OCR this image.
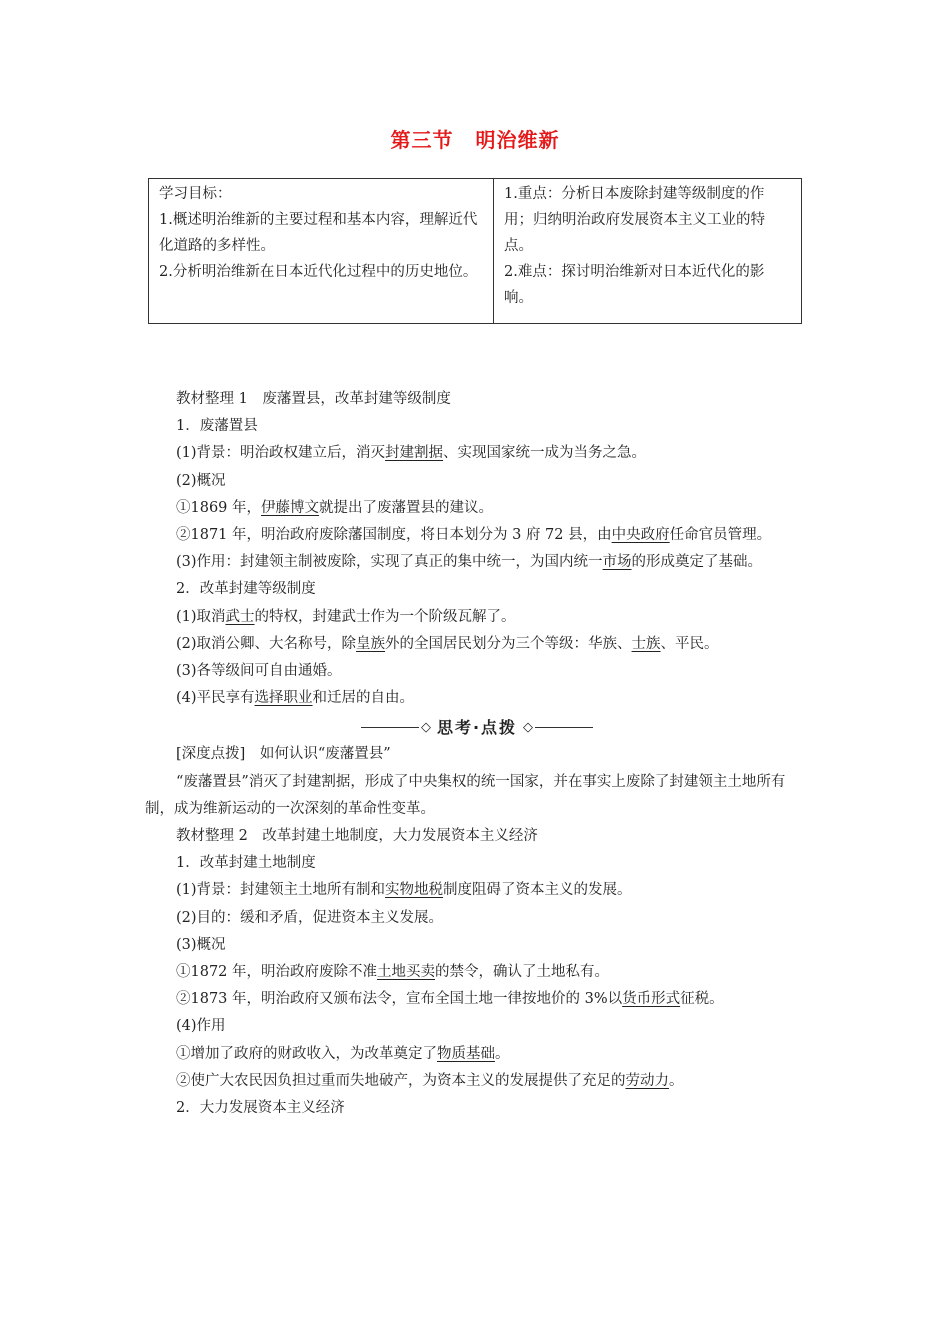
第三节 明治维新
学习目标：
1.概述明治维新的主要过程和基本内容，理解近代化道路的多样性。
2.分析明治维新在日本近代化过程中的历史地位。

1.重点：分析日本废除封建等级制度的作用；归纳明治政府发展资本主义工业的特点。
2.难点：探讨明治维新对日本近代化的影响。

教材整理 1　废藩置县，改革封建等级制度

1．废藩置县

(1)背景：明治政权建立后，消灭封建割据、实现国家统一成为当务之急。

(2)概况

①1869 年，伊藤博文就提出了废藩置县的建议。

②1871 年，明治政府废除藩国制度，将日本划分为 3 府 72 县，由中央政府任命官员管理。

(3)作用：封建领主制被废除，实现了真正的集中统一，为国内统一市场的形成奠定了基础。

2．改革封建等级制度

(1)取消武士的特权，封建武士作为一个阶级瓦解了。

(2)取消公卿、大名称号，除皇族外的全国居民划分为三个等级：华族、士族、平民。

(3)各等级间可自由通婚。

(4)平民享有选择职业和迁居的自由。

◇ 思考·点拨 ◇

[深度点拨]　如何认识“废藩置县”

“废藩置县”消灭了封建割据，形成了中央集权的统一国家，并在事实上废除了封建领主土地所有制，成为维新运动的一次深刻的革命性变革。

教材整理 2　改革封建土地制度，大力发展资本主义经济

1．改革封建土地制度

(1)背景：封建领主土地所有制和实物地税制度阻碍了资本主义的发展。

(2)目的：缓和矛盾，促进资本主义发展。

(3)概况

①1872 年，明治政府废除不准土地买卖的禁令，确认了土地私有。

②1873 年，明治政府又颁布法令，宣布全国土地一律按地价的 3%以货币形式征税。

(4)作用

①增加了政府的财政收入，为改革奠定了物质基础。

②使广大农民因负担过重而失地破产，为资本主义的发展提供了充足的劳动力。

2．大力发展资本主义经济
